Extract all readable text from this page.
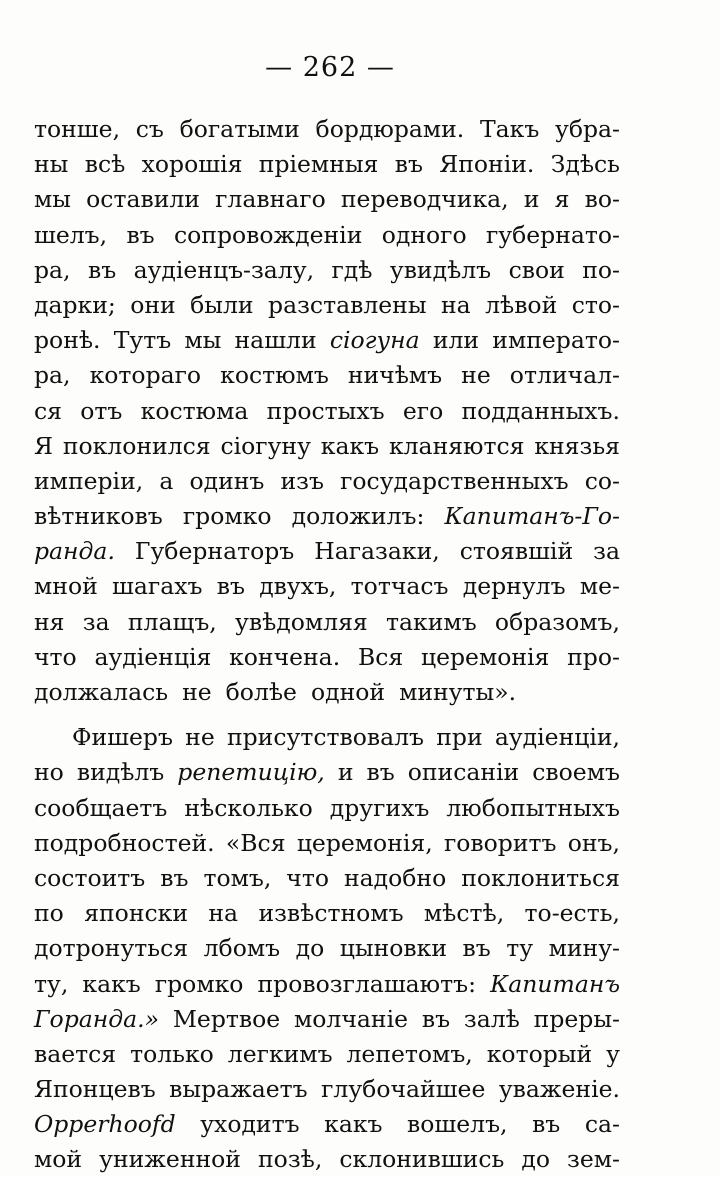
— 262 —
тонше, съ богатыми бордюрами. Такъ убра-
ны всѣ хорошія пріемныя въ Японіи. Здѣсь
мы оставили главнаго переводчика, и я во-
шелъ, въ сопровожденіи одного губернато-
ра, въ аудіенцъ-залу, гдѣ увидѣлъ свои по-
дарки; они были разставлены на лѣвой сто-
ронѣ. Тутъ мы нашли сіогуна или императо-
ра, котораго костюмъ ничѣмъ не отличал-
ся отъ костюма простыхъ его подданныхъ.
Я поклонился сіогуну какъ кланяются князья
имперіи, а одинъ изъ государственныхъ со-
вѣтниковъ громко доложилъ: Капитанъ-Го-
ранда. Губернаторъ Нагазаки, стоявшій за
мной шагахъ въ двухъ, тотчасъ дернулъ ме-
ня за плащъ, увѣдомляя такимъ образомъ,
что аудіенція кончена. Вся церемонія про-
должалась не болѣе одной минуты».
Фишеръ не присутствовалъ при аудіенціи,
но видѣлъ репетицію, и въ описаніи своемъ
сообщаетъ нѣсколько другихъ любопытныхъ
подробностей. «Вся церемонія, говоритъ онъ,
состоитъ въ томъ, что надобно поклониться
по японски на извѣстномъ мѣстѣ, то-есть,
дотронуться лбомъ до цыновки въ ту мину-
ту, какъ громко провозглашаютъ: Капитанъ
Горанда.» Мертвое молчаніе въ залѣ преры-
вается только легкимъ лепетомъ, который у
Японцевъ выражаетъ глубочайшее уваженіе.
Opperhoofd уходитъ какъ вошелъ, въ са-
мой униженной позѣ, склонившись до зем-
